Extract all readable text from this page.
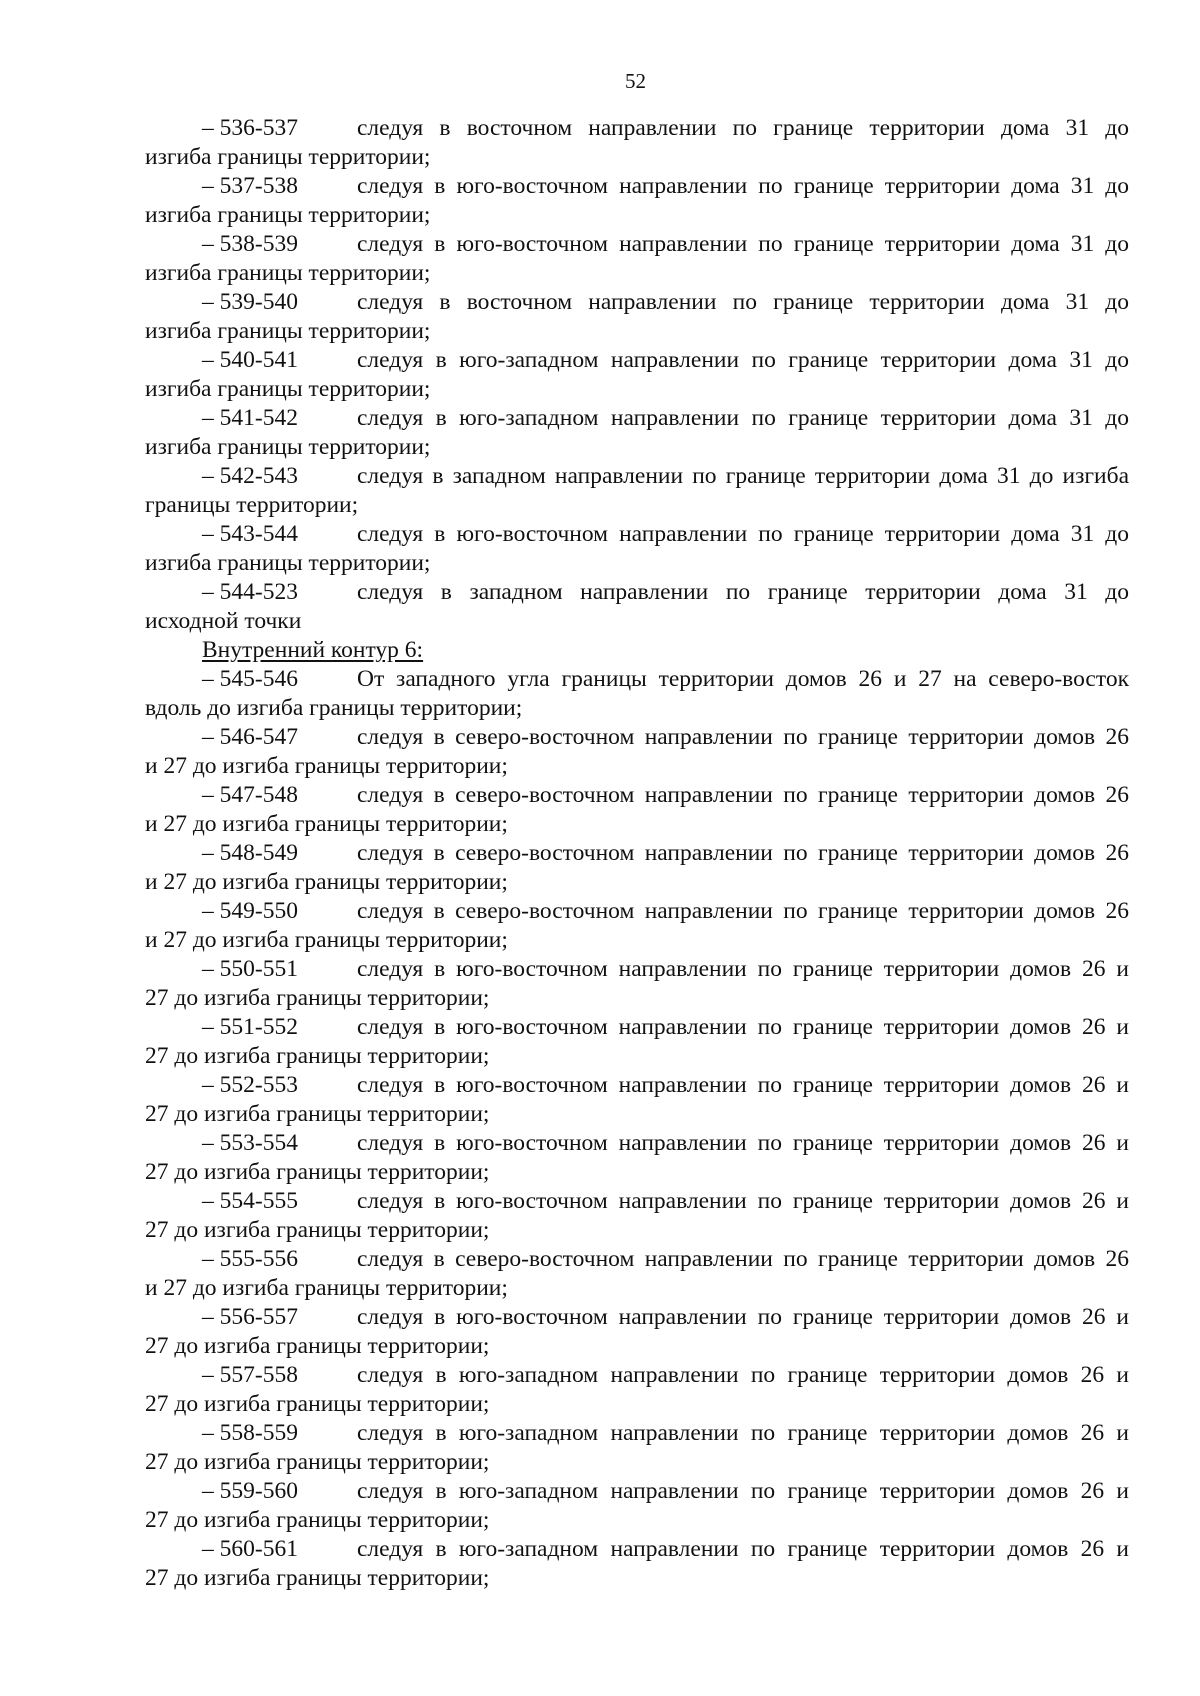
52
– 536-537	следуя в восточном направлении по границе территории дома 31 до
изгиба границы территории;
– 537-538	следуя в юго-восточном направлении по границе территории дома 31 до
изгиба границы территории;
– 538-539	следуя в юго-восточном направлении по границе территории дома 31 до
изгиба границы территории;
– 539-540	следуя в восточном направлении по границе территории дома 31 до
изгиба границы территории;
– 540-541	следуя в юго-западном направлении по границе территории дома 31 до
изгиба границы территории;
– 541-542	следуя в юго-западном направлении по границе территории дома 31 до
изгиба границы территории;
– 542-543	следуя в западном направлении по границе территории дома 31 до изгиба
границы территории;
– 543-544	следуя в юго-восточном направлении по границе территории дома 31 до
изгиба границы территории;
– 544-523	следуя в западном направлении по границе территории дома 31 до
исходной точки
Внутренний контур 6:
– 545-546	От западного угла границы территории домов 26 и 27 на северо-восток
вдоль до изгиба границы территории;
– 546-547	следуя в северо-восточном направлении по границе территории домов 26
и 27 до изгиба границы территории;
– 547-548	следуя в северо-восточном направлении по границе территории домов 26
и 27 до изгиба границы территории;
– 548-549	следуя в северо-восточном направлении по границе территории домов 26
и 27 до изгиба границы территории;
– 549-550	следуя в северо-восточном направлении по границе территории домов 26
и 27 до изгиба границы территории;
– 550-551	следуя в юго-восточном направлении по границе территории домов 26 и
27 до изгиба границы территории;
– 551-552	следуя в юго-восточном направлении по границе территории домов 26 и
27 до изгиба границы территории;
– 552-553	следуя в юго-восточном направлении по границе территории домов 26 и
27 до изгиба границы территории;
– 553-554	следуя в юго-восточном направлении по границе территории домов 26 и
27 до изгиба границы территории;
– 554-555	следуя в юго-восточном направлении по границе территории домов 26 и
27 до изгиба границы территории;
– 555-556	следуя в северо-восточном направлении по границе территории домов 26
и 27 до изгиба границы территории;
– 556-557	следуя в юго-восточном направлении по границе территории домов 26 и
27 до изгиба границы территории;
– 557-558	следуя в юго-западном направлении по границе территории домов 26 и
27 до изгиба границы территории;
– 558-559	следуя в юго-западном направлении по границе территории домов 26 и
27 до изгиба границы территории;
– 559-560	следуя в юго-западном направлении по границе территории домов 26 и
27 до изгиба границы территории;
– 560-561	следуя в юго-западном направлении по границе территории домов 26 и
27 до изгиба границы территории;
